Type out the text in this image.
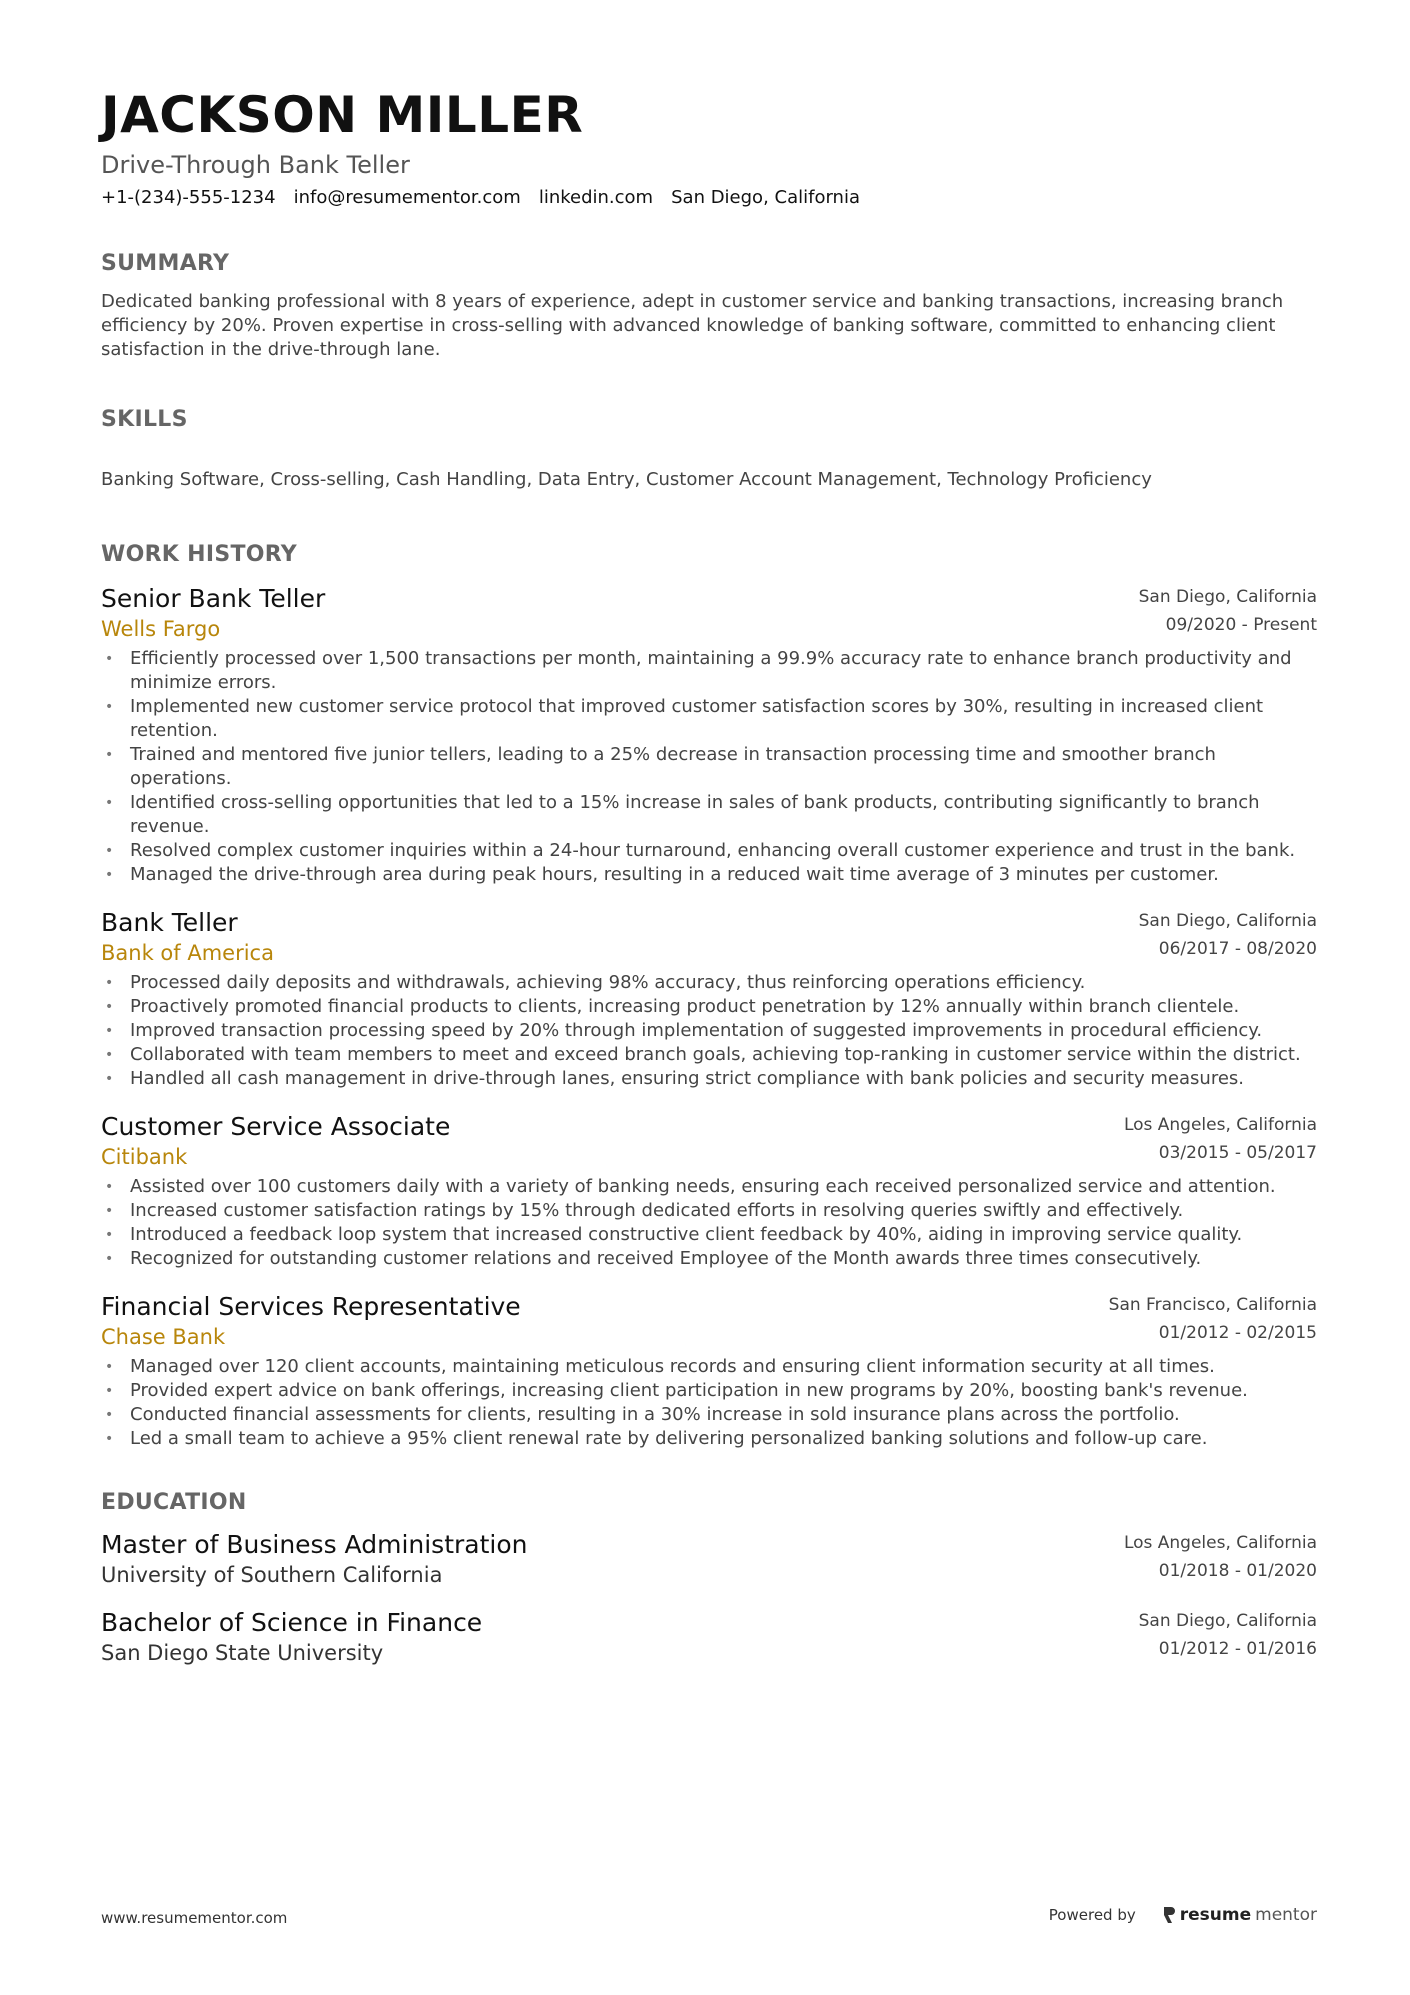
JACKSON MILLER
Drive-Through Bank Teller
+1-(234)-555-1234 info@resumementor.com linkedin.com San Diego, California
SUMMARY
Dedicated banking professional with 8 years of experience, adept in customer service and banking transactions, increasing branch efficiency by 20%. Proven expertise in cross-selling with advanced knowledge of banking software, committed to enhancing client satisfaction in the drive-through lane.
SKILLS
Banking Software, Cross-selling, Cash Handling, Data Entry, Customer Account Management, Technology Proficiency
WORK HISTORY
Senior Bank Teller
Wells Fargo
San Diego, California
09/2020 - Present
• Efficiently processed over 1,500 transactions per month, maintaining a 99.9% accuracy rate to enhance branch productivity and minimize errors.
• Implemented new customer service protocol that improved customer satisfaction scores by 30%, resulting in increased client retention.
• Trained and mentored five junior tellers, leading to a 25% decrease in transaction processing time and smoother branch operations.
• Identified cross-selling opportunities that led to a 15% increase in sales of bank products, contributing significantly to branch revenue.
• Resolved complex customer inquiries within a 24-hour turnaround, enhancing overall customer experience and trust in the bank.
• Managed the drive-through area during peak hours, resulting in a reduced wait time average of 3 minutes per customer.
Bank Teller
Bank of America
San Diego, California
06/2017 - 08/2020
• Processed daily deposits and withdrawals, achieving 98% accuracy, thus reinforcing operations efficiency.
• Proactively promoted financial products to clients, increasing product penetration by 12% annually within branch clientele.
• Improved transaction processing speed by 20% through implementation of suggested improvements in procedural efficiency.
• Collaborated with team members to meet and exceed branch goals, achieving top-ranking in customer service within the district.
• Handled all cash management in drive-through lanes, ensuring strict compliance with bank policies and security measures.
Customer Service Associate
Citibank
Los Angeles, California
03/2015 - 05/2017
• Assisted over 100 customers daily with a variety of banking needs, ensuring each received personalized service and attention.
• Increased customer satisfaction ratings by 15% through dedicated efforts in resolving queries swiftly and effectively.
• Introduced a feedback loop system that increased constructive client feedback by 40%, aiding in improving service quality.
• Recognized for outstanding customer relations and received Employee of the Month awards three times consecutively.
Financial Services Representative
Chase Bank
San Francisco, California
01/2012 - 02/2015
• Managed over 120 client accounts, maintaining meticulous records and ensuring client information security at all times.
• Provided expert advice on bank offerings, increasing client participation in new programs by 20%, boosting bank's revenue.
• Conducted financial assessments for clients, resulting in a 30% increase in sold insurance plans across the portfolio.
• Led a small team to achieve a 95% client renewal rate by delivering personalized banking solutions and follow-up care.
EDUCATION
Master of Business Administration
University of Southern California
Los Angeles, California
01/2018 - 01/2020
Bachelor of Science in Finance
San Diego State University
San Diego, California
01/2012 - 01/2016
www.resumementor.com	Powered by	resume mentor
